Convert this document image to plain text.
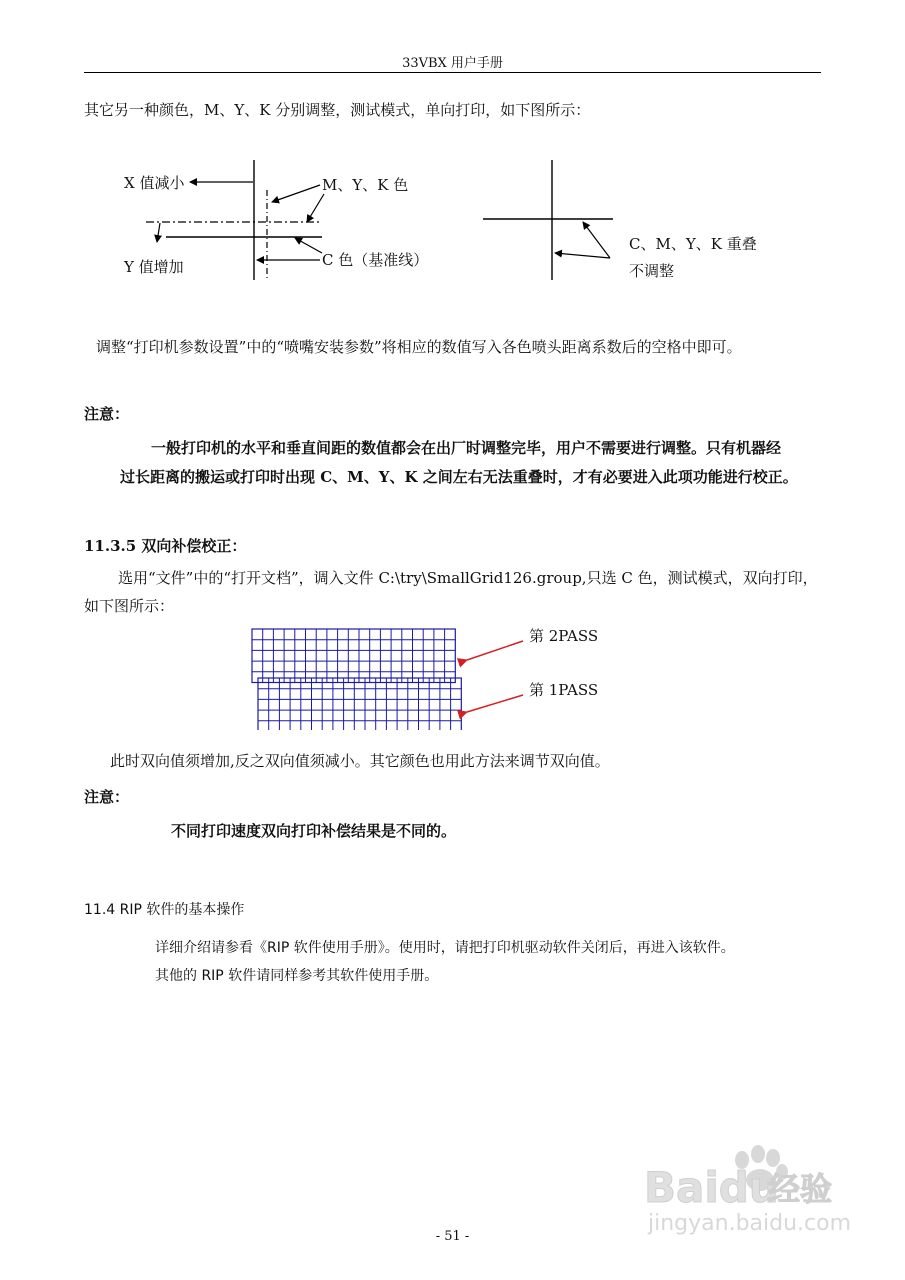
33VBX 用户手册
其它另一种颜色，M、Y、K 分别调整，测试模式，单向打印，如下图所示：
X 值减小	M、Y、K 色
Y 值增加	C 色（基准线）
C、M、Y、K 重叠
不调整
调整“打印机参数设置”中的“喷嘴安装参数”将相应的数值写入各色喷头距离系数后的空格中即可。
注意：
一般打印机的水平和垂直间距的数值都会在出厂时调整完毕，用户不需要进行调整。只有机器经
过长距离的搬运或打印时出现 C、M、Y、K 之间左右无法重叠时，才有必要进入此项功能进行校正。
11.3.5 双向补偿校正：
选用“文件”中的“打开文档”，调入文件 C:\try\SmallGrid126.group,只选 C 色，测试模式，双向打印，
如下图所示：
第 2PASS
第 1PASS
此时双向值须增加,反之双向值须减小。其它颜色也用此方法来调节双向值。
注意：
不同打印速度双向打印补偿结果是不同的。
11.4 RIP 软件的基本操作
详细介绍请参看《RIP 软件使用手册》。使用时，请把打印机驱动软件关闭后，再进入该软件。
其他的 RIP 软件请同样参考其软件使用手册。
Baidu
经验
jingyan.baidu.com
- 51 -
